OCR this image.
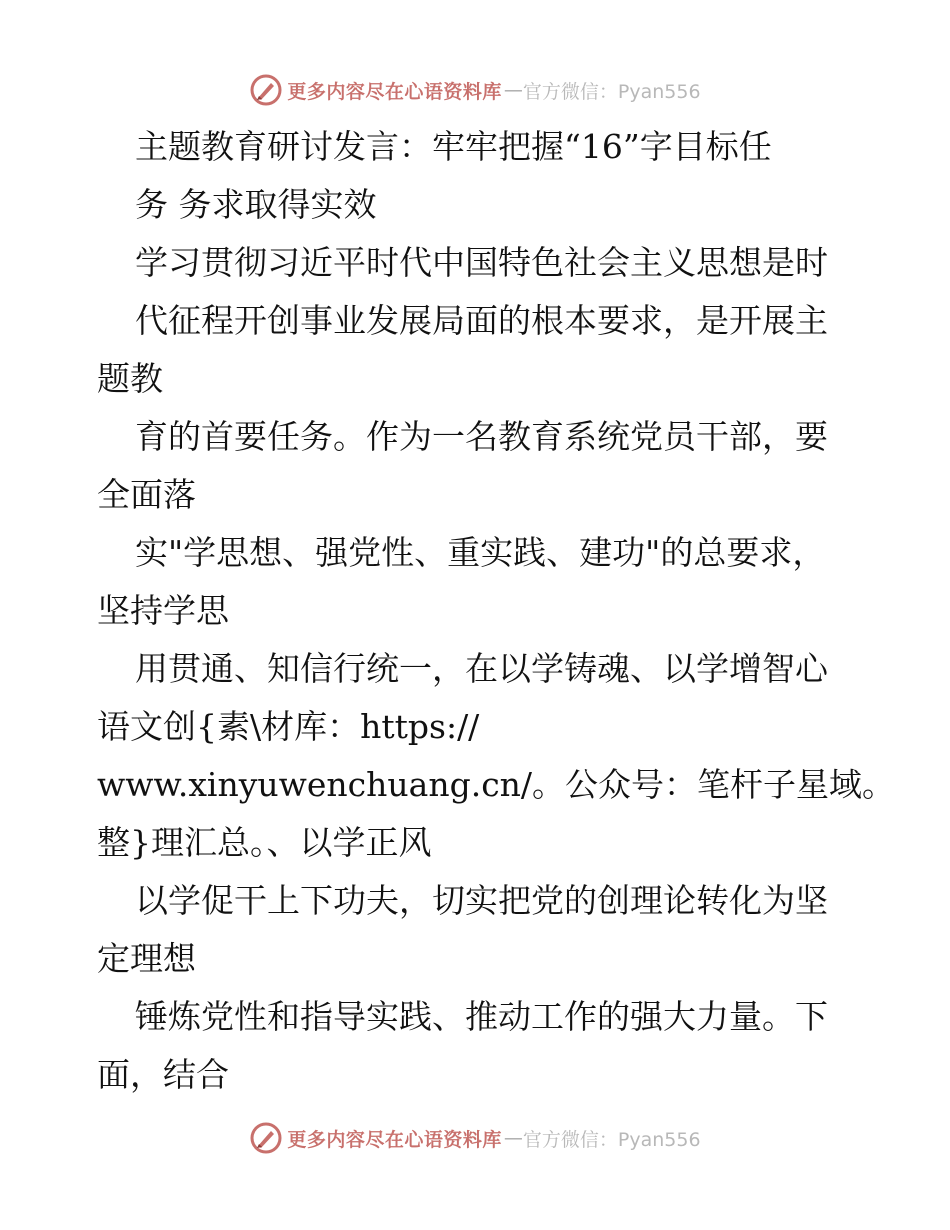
更多内容尽在心语资料库 — 官方微信：Pyan556
主题教育研讨发言：牢牢把握“16”字目标任
务 务求取得实效
学习贯彻习近平时代中国特色社会主义思想是时
代征程开创事业发展局面的根本要求，是开展主
题教
育的首要任务。作为一名教育系统党员干部，要
全面落
实"学思想、强党性、重实践、建功"的总要求，
坚持学思
用贯通、知信行统一，在以学铸魂、以学增智心
语文创{素\材库：https://
www.xinyuwenchuang.cn/。公众号：笔杆子星域。
整}理汇总。、以学正风
以学促干上下功夫，切实把党的创理论转化为坚
定理想
锤炼党性和指导实践、推动工作的强大力量。下
面，结合
更多内容尽在心语资料库 — 官方微信：Pyan556
